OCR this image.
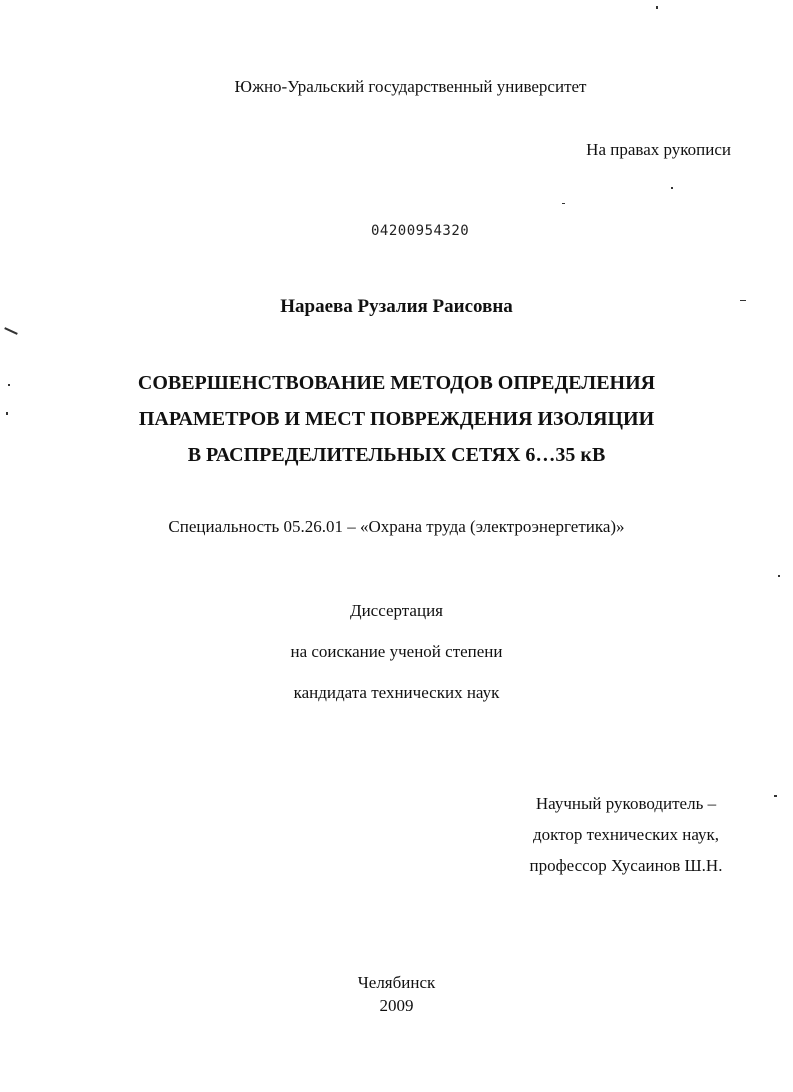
Южно-Уральский государственный университет
На правах рукописи
04200954320
Нараева Рузалия Раисовна
СОВЕРШЕНСТВОВАНИЕ МЕТОДОВ ОПРЕДЕЛЕНИЯ
ПАРАМЕТРОВ И МЕСТ ПОВРЕЖДЕНИЯ ИЗОЛЯЦИИ
В РАСПРЕДЕЛИТЕЛЬНЫХ СЕТЯХ 6…35 кВ
Специальность 05.26.01 – «Охрана труда (электроэнергетика)»
Диссертация
на соискание ученой степени
кандидата технических наук
Научный руководитель –
доктор технических наук,
профессор Хусаинов Ш.Н.
Челябинск
2009
